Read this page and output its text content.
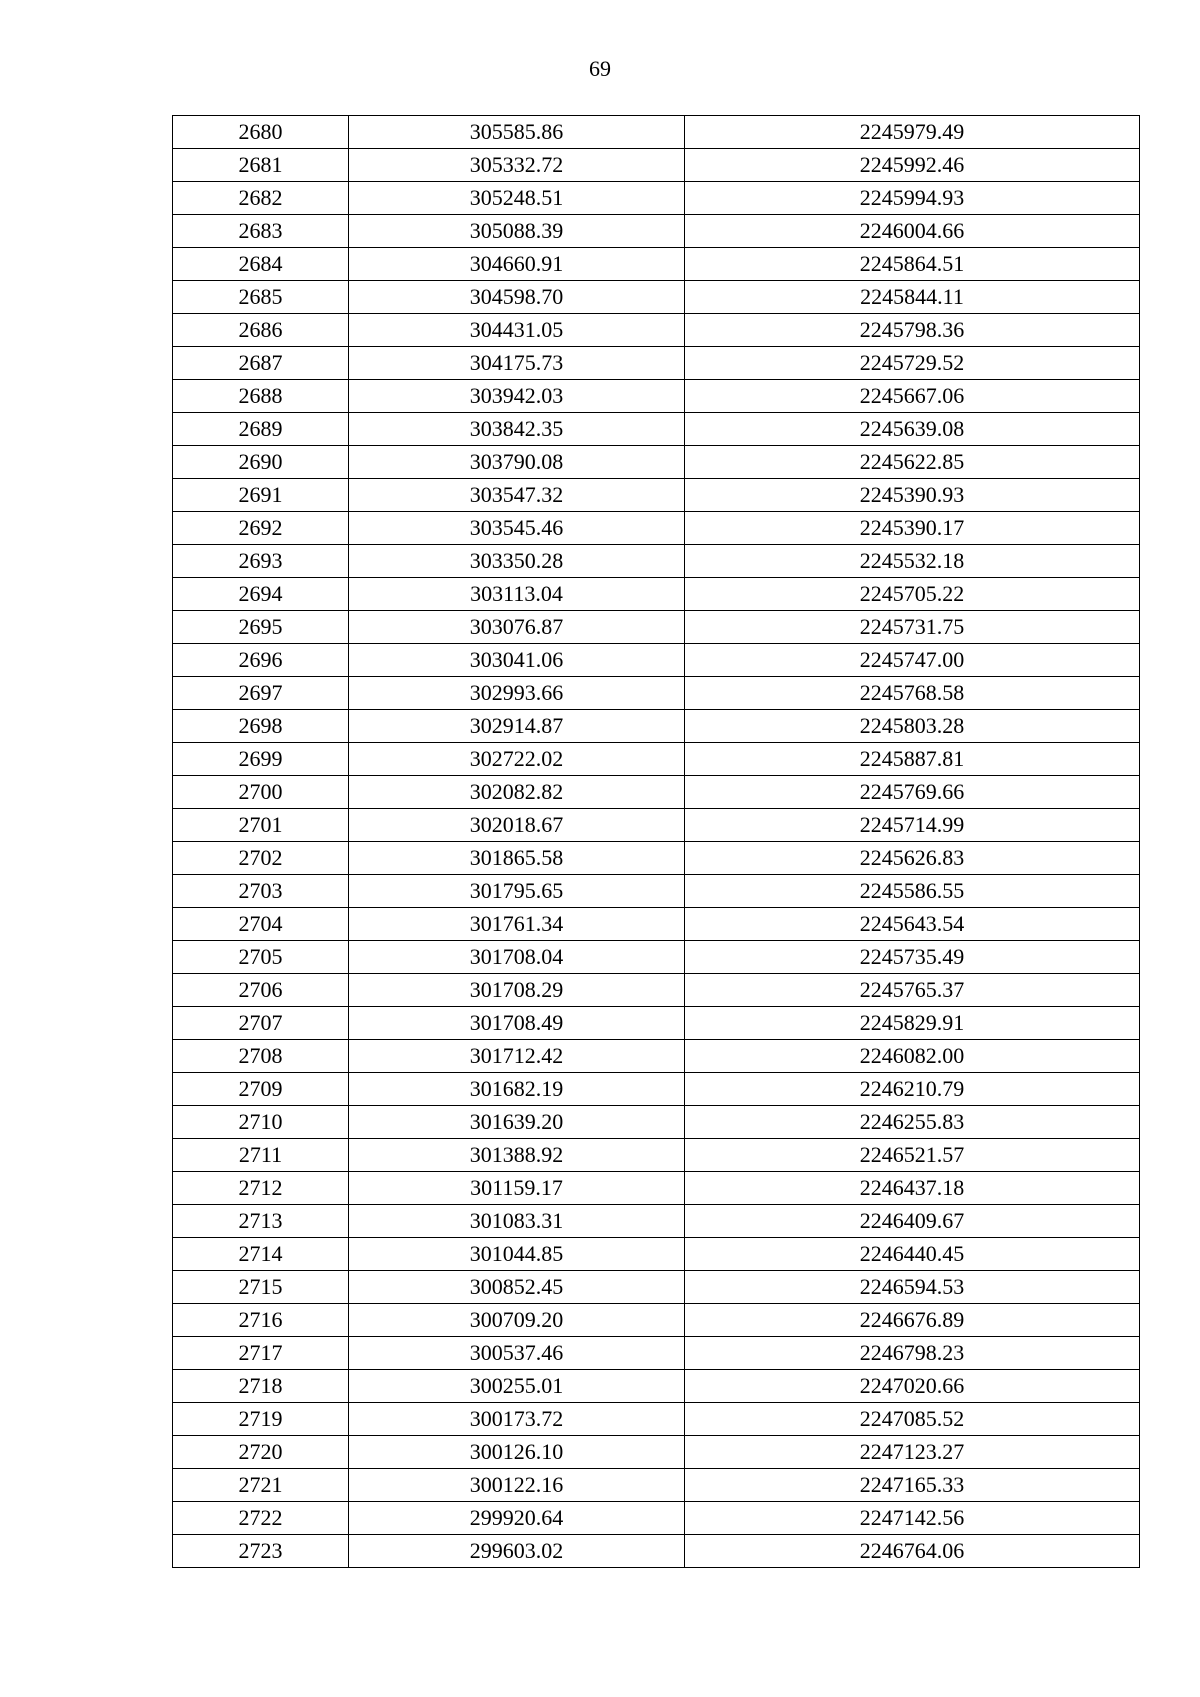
69
2680	305585.86	2245979.49
2681	305332.72	2245992.46
2682	305248.51	2245994.93
2683	305088.39	2246004.66
2684	304660.91	2245864.51
2685	304598.70	2245844.11
2686	304431.05	2245798.36
2687	304175.73	2245729.52
2688	303942.03	2245667.06
2689	303842.35	2245639.08
2690	303790.08	2245622.85
2691	303547.32	2245390.93
2692	303545.46	2245390.17
2693	303350.28	2245532.18
2694	303113.04	2245705.22
2695	303076.87	2245731.75
2696	303041.06	2245747.00
2697	302993.66	2245768.58
2698	302914.87	2245803.28
2699	302722.02	2245887.81
2700	302082.82	2245769.66
2701	302018.67	2245714.99
2702	301865.58	2245626.83
2703	301795.65	2245586.55
2704	301761.34	2245643.54
2705	301708.04	2245735.49
2706	301708.29	2245765.37
2707	301708.49	2245829.91
2708	301712.42	2246082.00
2709	301682.19	2246210.79
2710	301639.20	2246255.83
2711	301388.92	2246521.57
2712	301159.17	2246437.18
2713	301083.31	2246409.67
2714	301044.85	2246440.45
2715	300852.45	2246594.53
2716	300709.20	2246676.89
2717	300537.46	2246798.23
2718	300255.01	2247020.66
2719	300173.72	2247085.52
2720	300126.10	2247123.27
2721	300122.16	2247165.33
2722	299920.64	2247142.56
2723	299603.02	2246764.06
